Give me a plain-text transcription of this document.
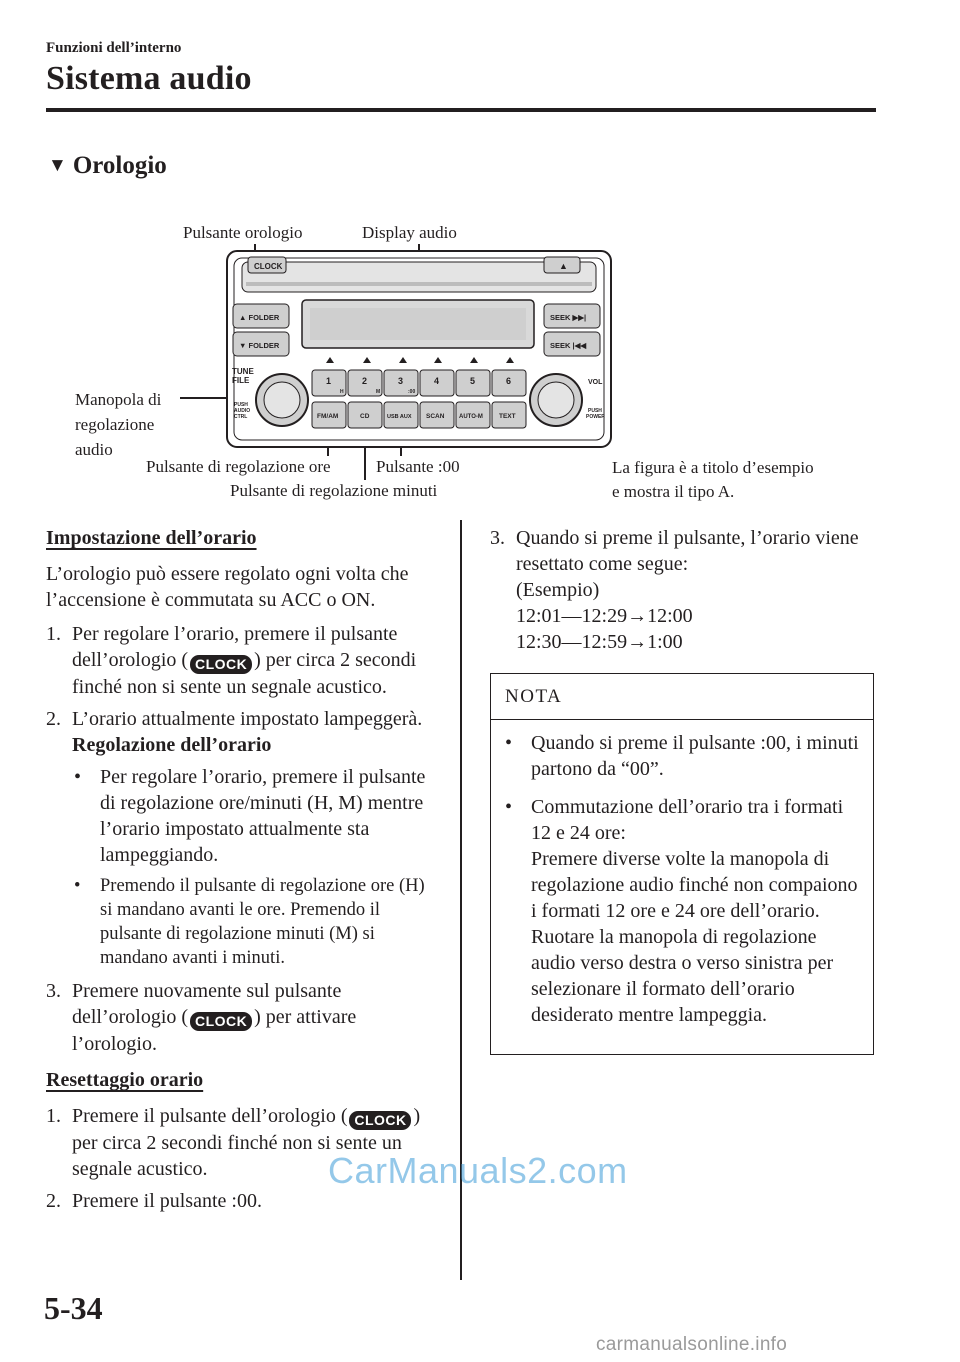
Funzioni dell’interno
Sistema audio
▼ Orologio
Pulsante orologio	Display audio
Manopola di
regolazione
audio
Pulsante di regolazione ore	Pulsante :00
Pulsante di regolazione minuti
La figura è a titolo d’esempio
e mostra il tipo A.
CLOCK	▲
▲ FOLDER
▼ FOLDER
SEEK ▶▶|
SEEK |◀◀
TUNE
FILE
PUSH
AUDIO
CTRL
VOL
PUSH
POWER
1	2	3	4	5	6
H	M	:00
FM/AM	CD	USB AUX SCAN AUTO-M TEXT

Impostazione dell’orario

L’orologio può essere regolato ogni volta che l’accensione è commutata su ACC o ON.

1. Per regolare l’orario, premere il pulsante dell’orologio ( CLOCK ) per circa 2 secondi finché non si sente un segnale acustico.
2. L’orario attualmente impostato lampeggerà.
Regolazione dell’orario
• Per regolare l’orario, premere il pulsante di regolazione ore/minuti (H, M) mentre l’orario impostato attualmente sta lampeggiando.
•	Premendo il pulsante di regolazione ore (H) si mandano avanti le ore. Premendo il pulsante di regolazione minuti (M) si mandano avanti i minuti.
3. Premere nuovamente sul pulsante dell’orologio ( CLOCK ) per attivare l’orologio.

Resettaggio orario

1. Premere il pulsante dell’orologio ( CLOCK ) per circa 2 secondi finché non si sente un segnale acustico.
2. Premere il pulsante :00.
3. Quando si preme il pulsante, l’orario viene resettato come segue:
(Esempio)
12:01—12:29→12:00
12:30—12:59→1:00
NOTA
• Quando si preme il pulsante :00, i minuti partono da “00”.
• Commutazione dell’orario tra i formati 12 e 24 ore:
Premere diverse volte la manopola di regolazione audio finché non compaiono i formati 12 ore e 24 ore dell’orario. Ruotare la manopola di regolazione audio verso destra o verso sinistra per selezionare il formato dell’orario desiderato mentre lampeggia.
5-34
CarManuals2.com
carmanualsonline.info
